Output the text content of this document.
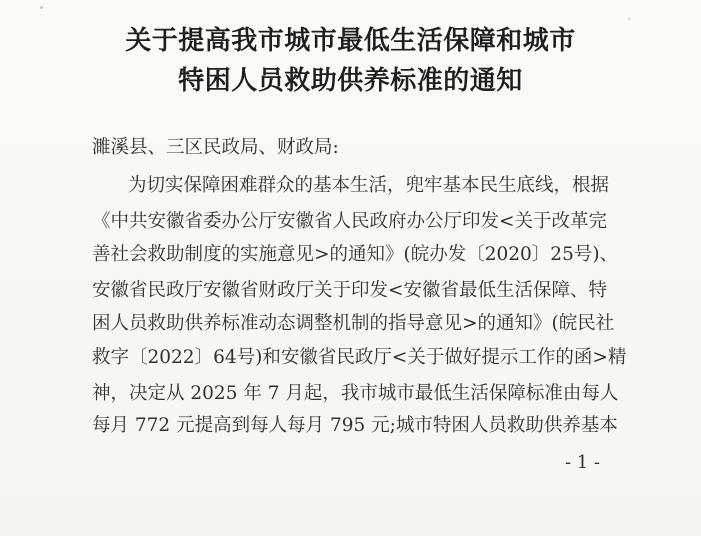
关于提高我市城市最低生活保障和城市
特困人员救助供养标准的通知
濉溪县、三区民政局、财政局:
为切实保障困难群众的基本生活，兜牢基本民生底线，根据
《中共安徽省委办公厅安徽省人民政府办公厅印发<关于改革完
善社会救助制度的实施意见>的通知》(皖办发〔2020〕25号)、
安徽省民政厅安徽省财政厅关于印发<安徽省最低生活保障、特
困人员救助供养标准动态调整机制的指导意见>的通知》(皖民社
救字〔2022〕64号)和安徽省民政厅<关于做好提示工作的函>精
神，决定从 2025 年 7 月起，我市城市最低生活保障标准由每人
每月 772 元提高到每人每月 795 元;城市特困人员救助供养基本
- 1 -
